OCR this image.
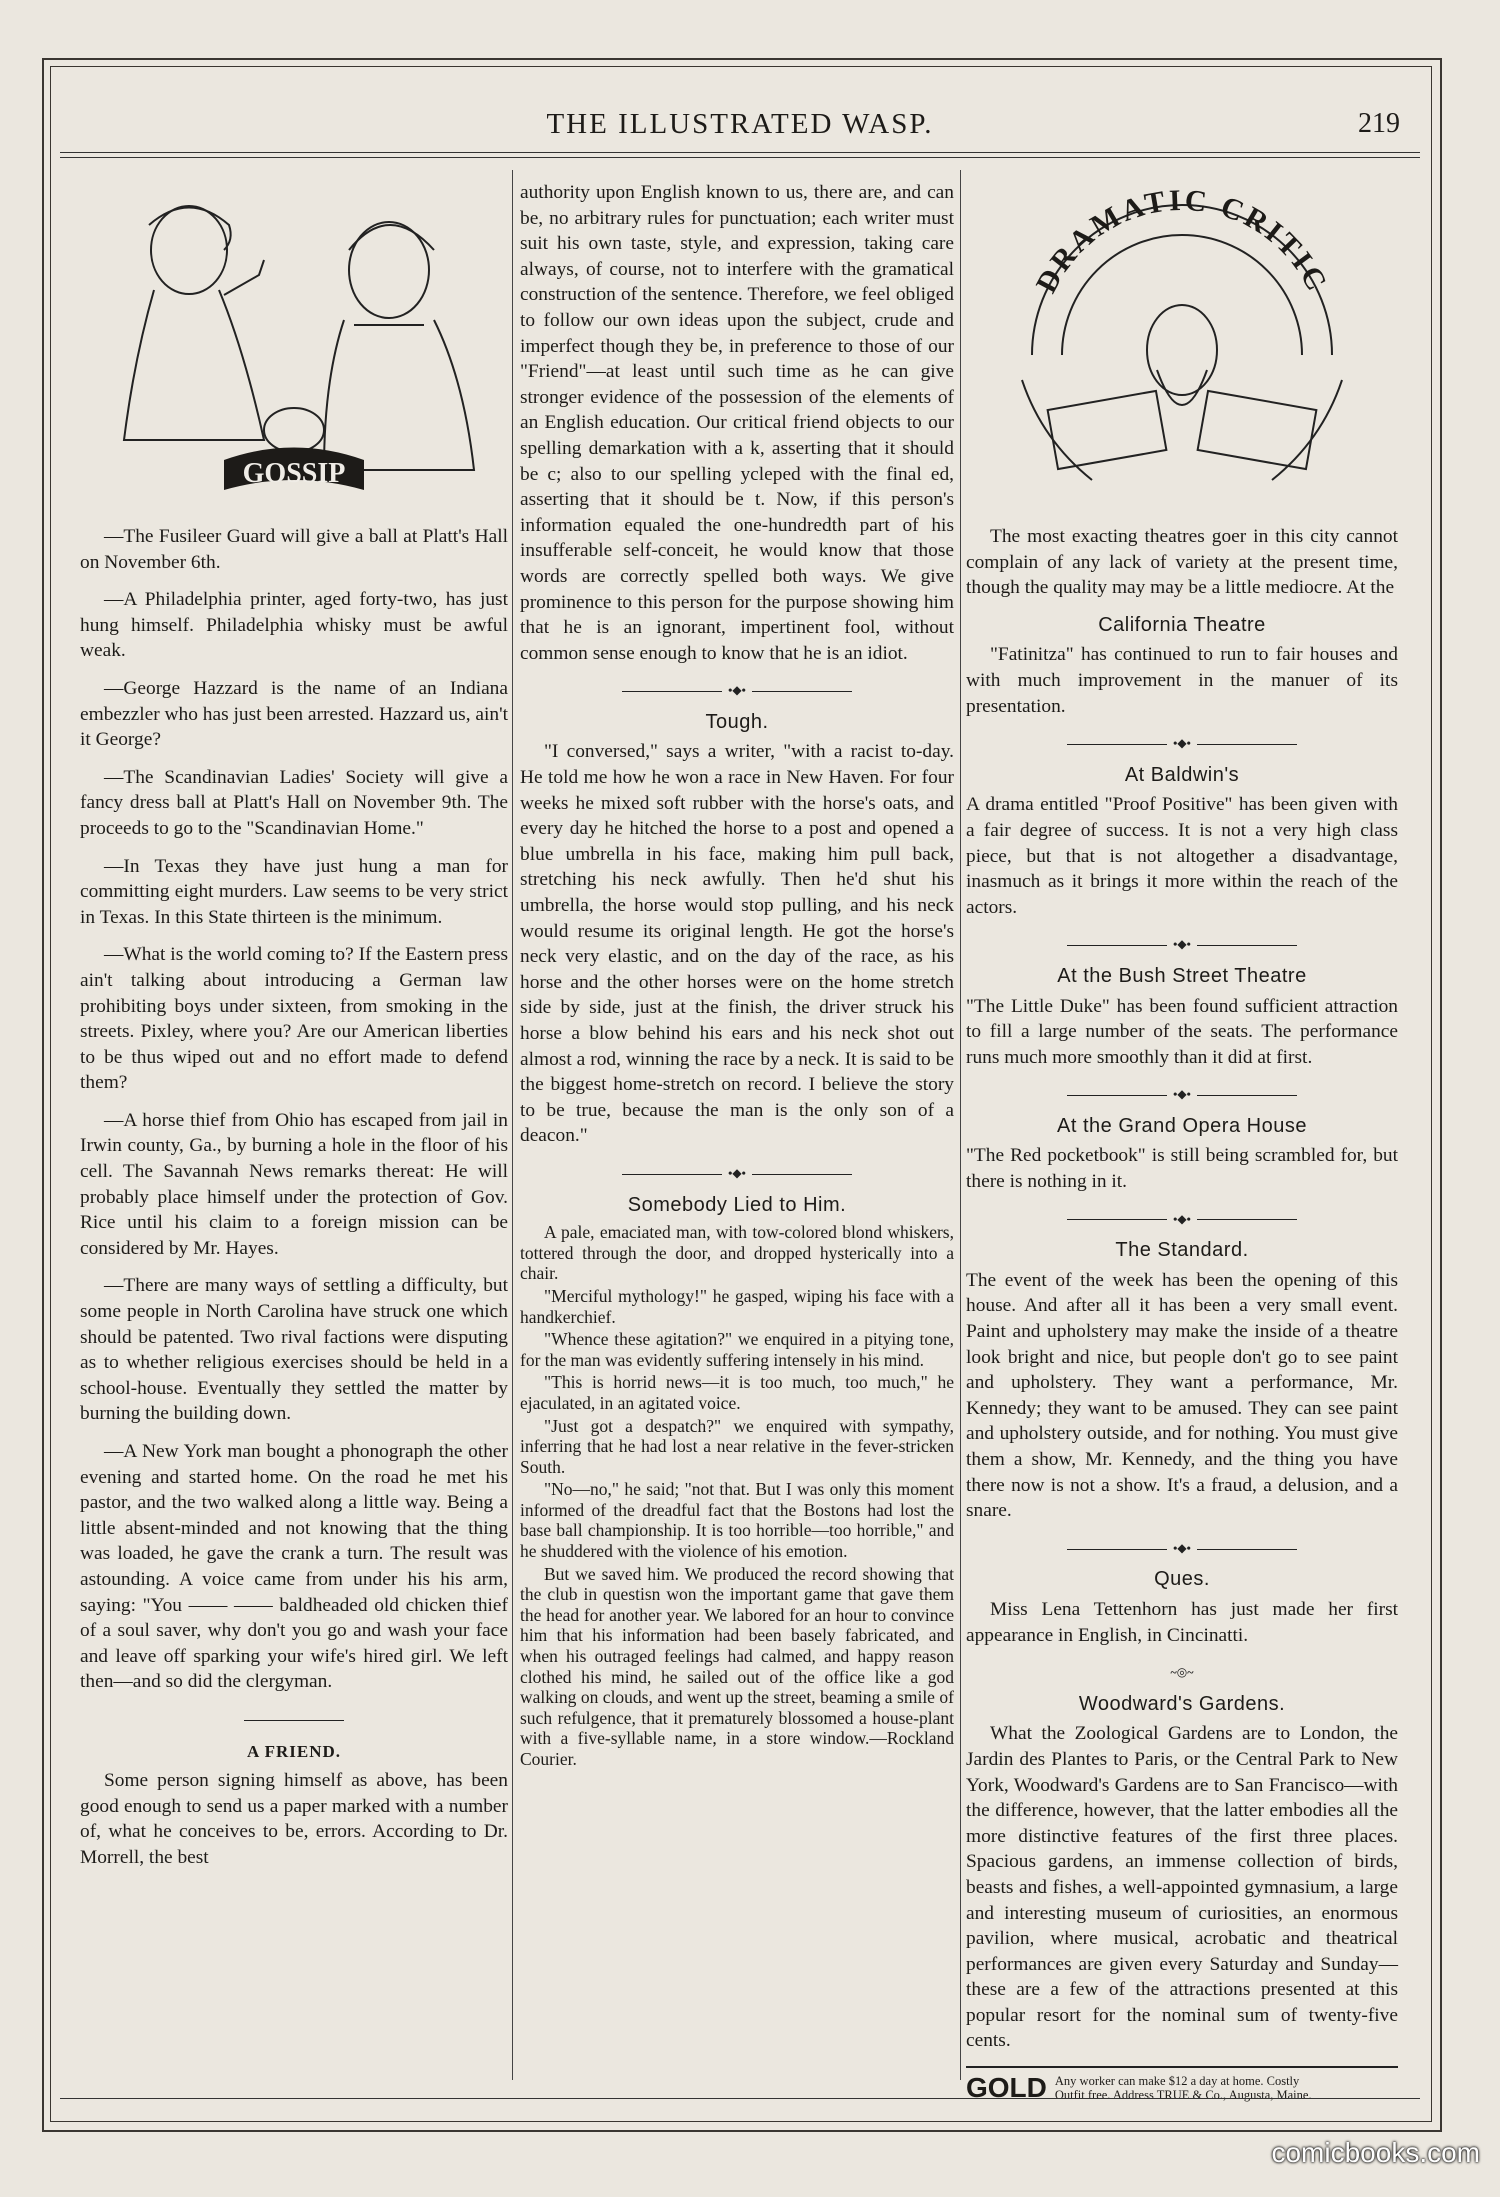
THE ILLUSTRATED WASP.	219
GOSSIP

—The Fusileer Guard will give a ball at Platt's Hall on November 6th.

—A Philadelphia printer, aged forty-two, has just hung himself. Philadelphia whisky must be awful weak.

—George Hazzard is the name of an Indiana embezzler who has just been arrested. Hazzard us, ain't it George?

—The Scandinavian Ladies' Society will give a fancy dress ball at Platt's Hall on November 9th. The proceeds to go to the "Scandinavian Home."

—In Texas they have just hung a man for committing eight murders. Law seems to be very strict in Texas. In this State thirteen is the minimum.

—What is the world coming to? If the Eastern press ain't talking about introducing a German law prohibiting boys under sixteen, from smoking in the streets. Pixley, where you? Are our American liberties to be thus wiped out and no effort made to defend them?

—A horse thief from Ohio has escaped from jail in Irwin county, Ga., by burning a hole in the floor of his cell. The Savannah News remarks thereat: He will probably place himself under the protection of Gov. Rice until his claim to a foreign mission can be considered by Mr. Hayes.

—There are many ways of settling a difficulty, but some people in North Carolina have struck one which should be patented. Two rival factions were disputing as to whether religious exercises should be held in a school-house. Eventually they settled the matter by burning the building down.

—A New York man bought a phonograph the other evening and started home. On the road he met his pastor, and the two walked along a little way. Being a little absent-minded and not knowing that the thing was loaded, he gave the crank a turn. The result was astounding. A voice came from under his his arm, saying: "You —— —— baldheaded old chicken thief of a soul saver, why don't you go and wash your face and leave off sparking your wife's hired girl. We left then—and so did the clergyman.

A FRIEND.

Some person signing himself as above, has been good enough to send us a paper marked with a number of, what he conceives to be, errors. According to Dr. Morrell, the best

authority upon English known to us, there are, and can be, no arbitrary rules for punctuation; each writer must suit his own taste, style, and expression, taking care always, of course, not to interfere with the gramatical construction of the sentence. Therefore, we feel obliged to follow our own ideas upon the subject, crude and imperfect though they be, in preference to those of our "Friend"—at least until such time as he can give stronger evidence of the possession of the elements of an English education. Our critical friend objects to our spelling demarkation with a k, asserting that it should be c; also to our spelling ycleped with the final ed, asserting that it should be t. Now, if this person's information equaled the one-hundredth part of his insufferable self-conceit, he would know that those words are correctly spelled both ways. We give prominence to this person for the purpose showing him that he is an ignorant, impertinent fool, without common sense enough to know that he is an idiot.

•◆•
Tough.

"I conversed," says a writer, "with a racist to-day. He told me how he won a race in New Haven. For four weeks he mixed soft rubber with the horse's oats, and every day he hitched the horse to a post and opened a blue umbrella in his face, making him pull back, stretching his neck awfully. Then he'd shut his umbrella, the horse would stop pulling, and his neck would resume its original length. He got the horse's neck very elastic, and on the day of the race, as his horse and the other horses were on the home stretch side by side, just at the finish, the driver struck his horse a blow behind his ears and his neck shot out almost a rod, winning the race by a neck. It is said to be the biggest home-stretch on record. I believe the story to be true, because the man is the only son of a deacon."

•◆•
Somebody Lied to Him.

A pale, emaciated man, with tow-colored blond whiskers, tottered through the door, and dropped hysterically into a chair.

"Merciful mythology!" he gasped, wiping his face with a handkerchief.

"Whence these agitation?" we enquired in a pitying tone, for the man was evidently suffering intensely in his mind.

"This is horrid news—it is too much, too much," he ejaculated, in an agitated voice.

"Just got a despatch?" we enquired with sympathy, inferring that he had lost a near relative in the fever-stricken South.

"No—no," he said; "not that. But I was only this moment informed of the dreadful fact that the Bostons had lost the base ball championship. It is too horrible—too horrible," and he shuddered with the violence of his emotion.

But we saved him. We produced the record showing that the club in questisn won the important game that gave them the head for another year. We labored for an hour to convince him that his information had been basely fabricated, and when his outraged feelings had calmed, and happy reason clothed his mind, he sailed out of the office like a god walking on clouds, and went up the street, beaming a smile of such refulgence, that it prematurely blossomed a house-plant with a five-syllable name, in a store window.—Rockland Courier.

DRAMATIC CRITIC

The most exacting theatres goer in this city cannot complain of any lack of variety at the present time, though the quality may may be a little mediocre. At the

California Theatre

"Fatinitza" has continued to run to fair houses and with much improvement in the manuer of its presentation.

•◆•
At Baldwin's

A drama entitled "Proof Positive" has been given with a fair degree of success. It is not a very high class piece, but that is not altogether a disadvantage, inasmuch as it brings it more within the reach of the actors.

•◆•
At the Bush Street Theatre

"The Little Duke" has been found sufficient attraction to fill a large number of the seats. The performance runs much more smoothly than it did at first.

•◆•
At the Grand Opera House

"The Red pocketbook" is still being scrambled for, but there is nothing in it.

•◆•
The Standard.

The event of the week has been the opening of this house. And after all it has been a very small event. Paint and upholstery may make the inside of a theatre look bright and nice, but people don't go to see paint and upholstery. They want a performance, Mr. Kennedy; they want to be amused. They can see paint and upholstery outside, and for nothing. You must give them a show, Mr. Kennedy, and the thing you have there now is not a show. It's a fraud, a delusion, and a snare.

•◆•
Ques.

Miss Lena Tettenhorn has just made her first appearance in English, in Cincinatti.

~◎~
Woodward's Gardens.

What the Zoological Gardens are to London, the Jardin des Plantes to Paris, or the Central Park to New York, Woodward's Gardens are to San Francisco—with the difference, however, that the latter embodies all the more distinctive features of the first three places. Spacious gardens, an immense collection of birds, beasts and fishes, a well-appointed gymnasium, a large and interesting museum of curiosities, an enormous pavilion, where musical, acrobatic and theatrical performances are given every Saturday and Sunday—these are a few of the attractions presented at this popular resort for the nominal sum of twenty-five cents.

GOLD Any worker can make $12 a day at home. Costly
Outfit free. Address TRUE & Co., Augusta, Maine.
comicbooks.com
